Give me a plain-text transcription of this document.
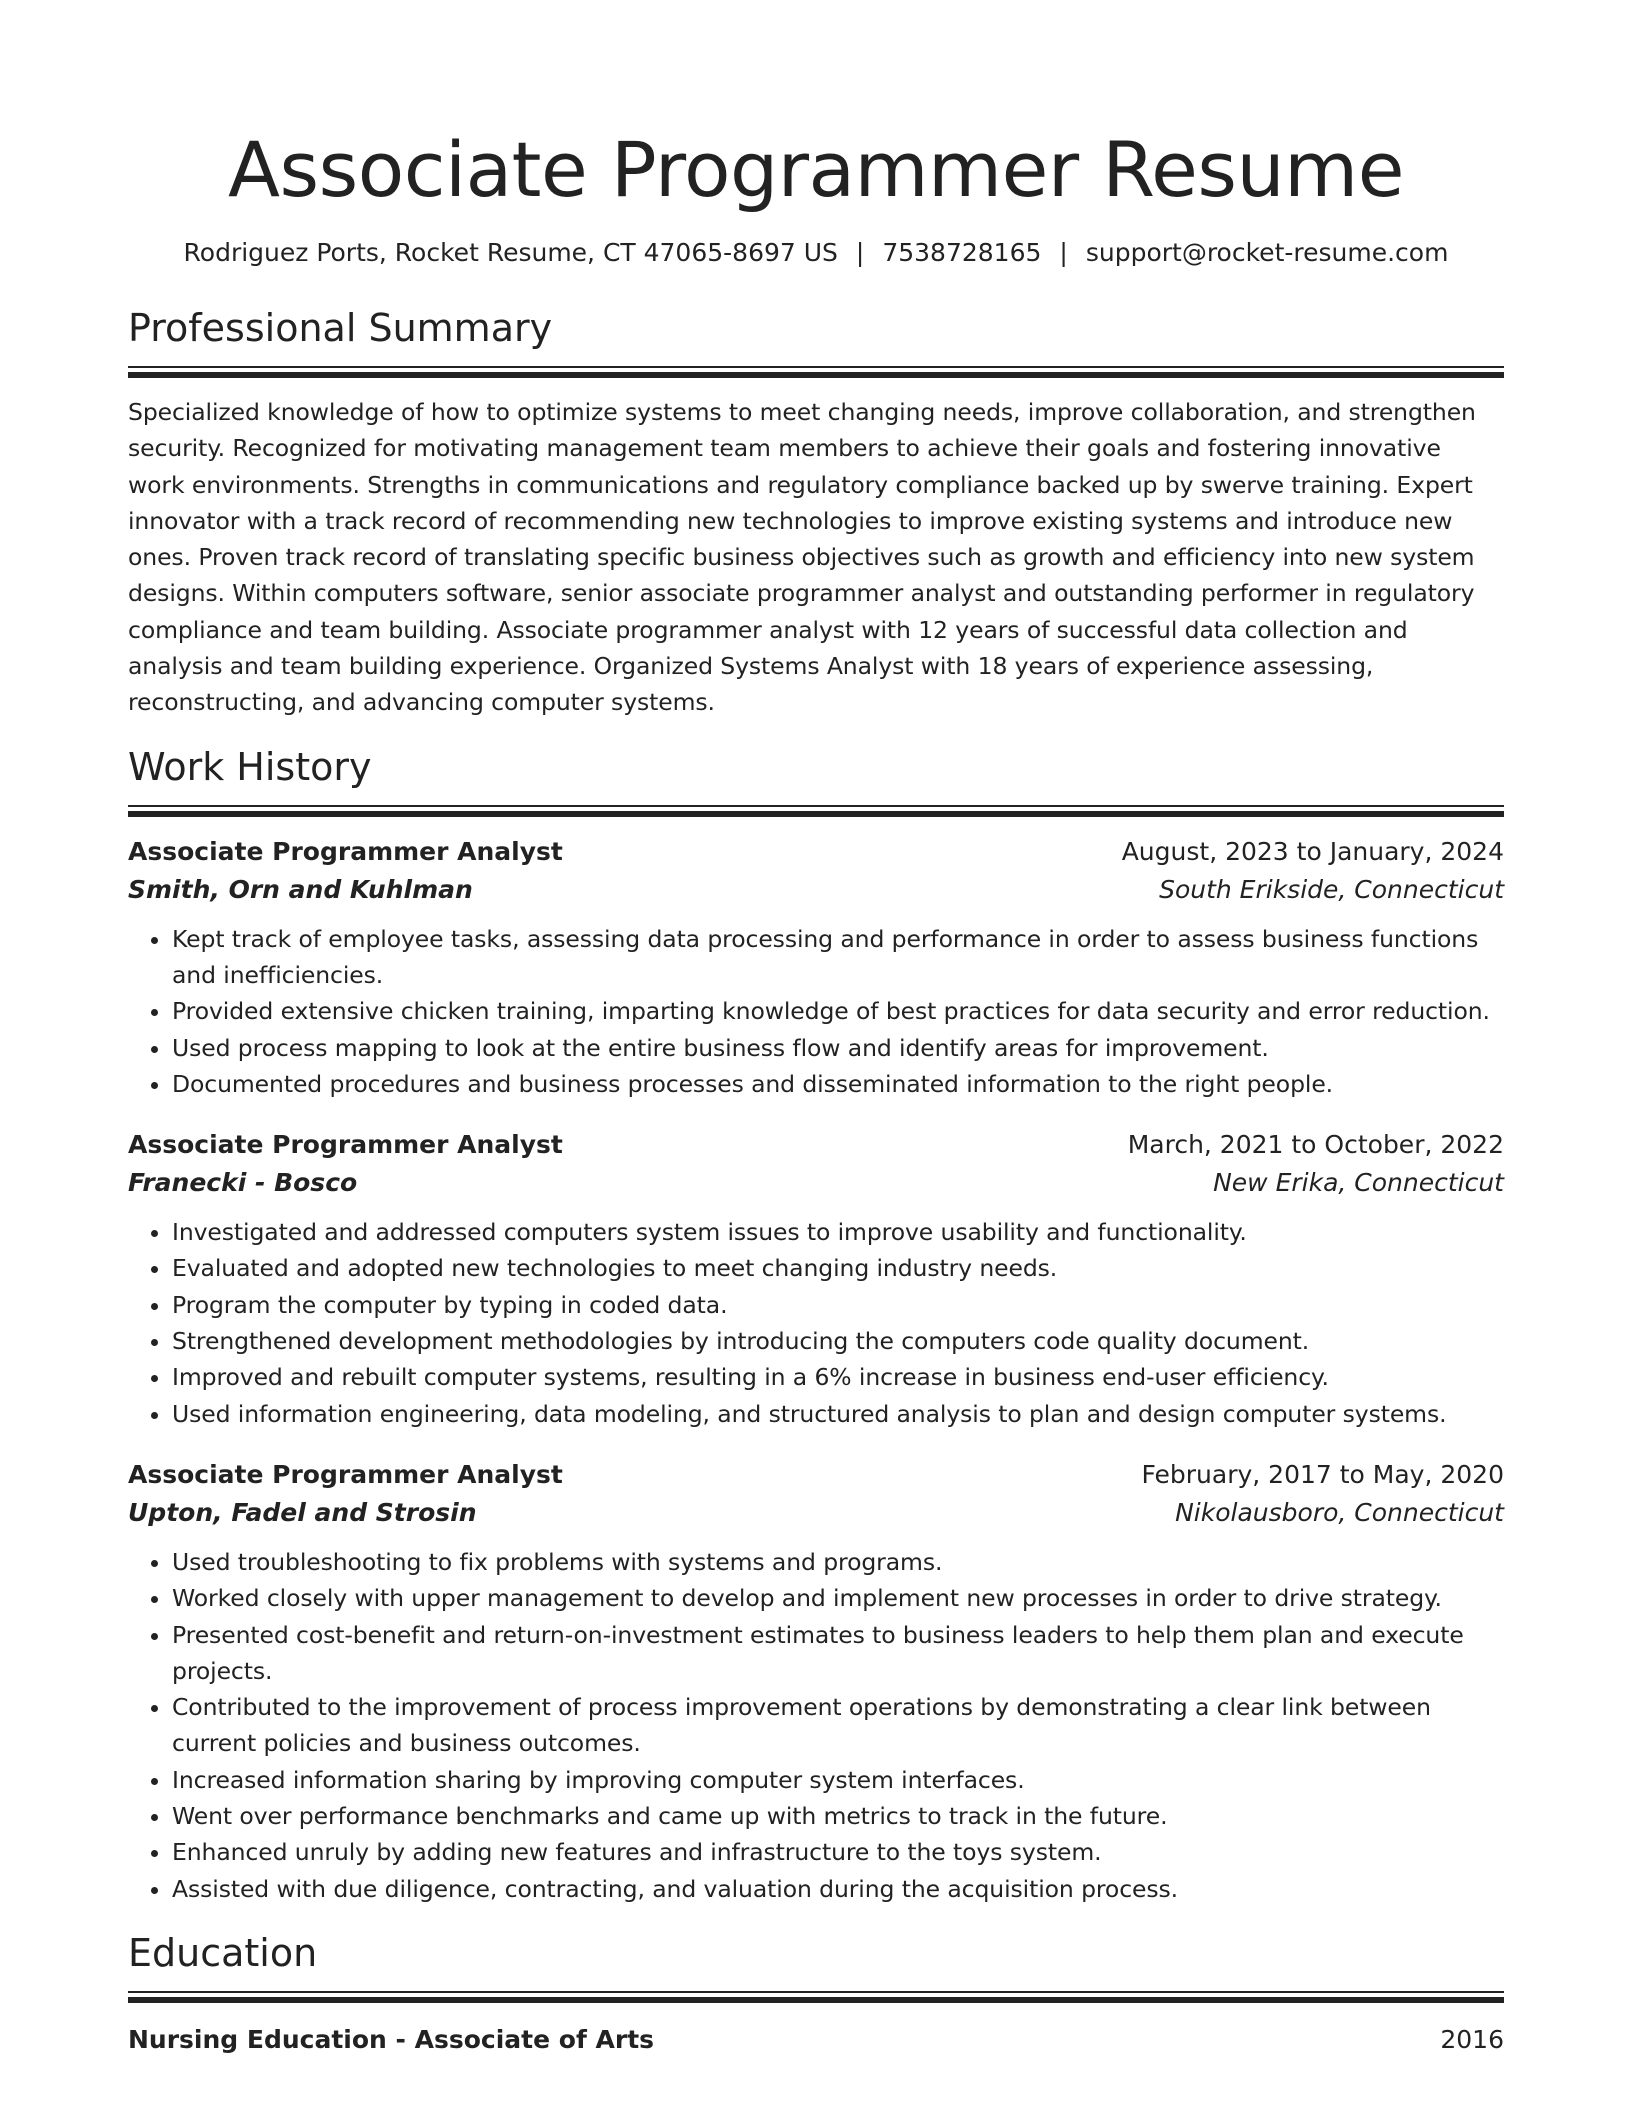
Associate Programmer Resume
Rodriguez Ports, Rocket Resume, CT 47065-8697 US | 7538728165 | support@rocket-resume.com
Professional Summary

Specialized knowledge of how to optimize systems to meet changing needs, improve collaboration, and strengthen security. Recognized for motivating management team members to achieve their goals and fostering innovative work environments. Strengths in communications and regulatory compliance backed up by swerve training. Expert innovator with a track record of recommending new technologies to improve existing systems and introduce new ones. Proven track record of translating specific business objectives such as growth and efficiency into new system designs. Within computers software, senior associate programmer analyst and outstanding performer in regulatory compliance and team building. Associate programmer analyst with 12 years of successful data collection and analysis and team building experience. Organized Systems Analyst with 18 years of experience assessing, reconstructing, and advancing computer systems.

Work History
Associate Programmer Analyst	August, 2023 to January, 2024
Smith, Orn and Kuhlman	South Erikside, Connecticut
• Kept track of employee tasks, assessing data processing and performance in order to assess business functions and inefficiencies.
• Provided extensive chicken training, imparting knowledge of best practices for data security and error reduction.
• Used process mapping to look at the entire business flow and identify areas for improvement.
• Documented procedures and business processes and disseminated information to the right people.
Associate Programmer Analyst	March, 2021 to October, 2022
Franecki - Bosco	New Erika, Connecticut
• Investigated and addressed computers system issues to improve usability and functionality.
• Evaluated and adopted new technologies to meet changing industry needs.
• Program the computer by typing in coded data.
• Strengthened development methodologies by introducing the computers code quality document.
• Improved and rebuilt computer systems, resulting in a 6% increase in business end-user efficiency.
• Used information engineering, data modeling, and structured analysis to plan and design computer systems.
Associate Programmer Analyst	February, 2017 to May, 2020
Upton, Fadel and Strosin	Nikolausboro, Connecticut
• Used troubleshooting to fix problems with systems and programs.
• Worked closely with upper management to develop and implement new processes in order to drive strategy.
• Presented cost-benefit and return-on-investment estimates to business leaders to help them plan and execute projects.
• Contributed to the improvement of process improvement operations by demonstrating a clear link between current policies and business outcomes.
• Increased information sharing by improving computer system interfaces.
• Went over performance benchmarks and came up with metrics to track in the future.
• Enhanced unruly by adding new features and infrastructure to the toys system.
• Assisted with due diligence, contracting, and valuation during the acquisition process.
Education
Nursing Education - Associate of Arts	2016
